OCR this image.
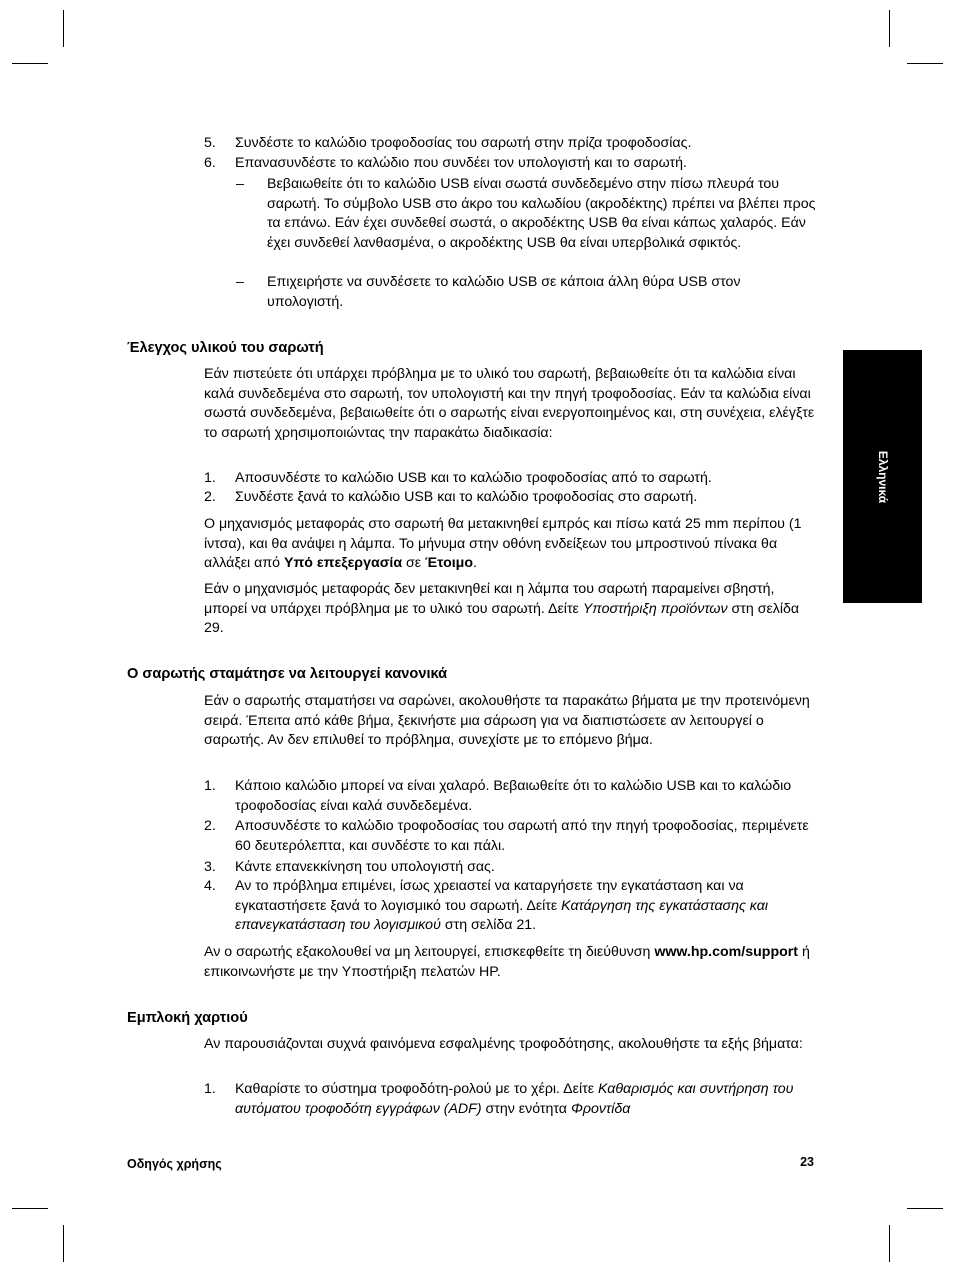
5.	Συνδέστε το καλώδιο τροφοδοσίας του σαρωτή στην πρίζα τροφοδοσίας.
6.	Επανασυνδέστε το καλώδιο που συνδέει τον υπολογιστή και το σαρωτή.
– Βεβαιωθείτε ότι το καλώδιο USB είναι σωστά συνδεδεμένο στην πίσω πλευρά του σαρωτή. Το σύμβολο USB στο άκρο του καλωδίου (ακροδέκτης) πρέπει να βλέπει προς τα επάνω. Εάν έχει συνδεθεί σωστά, ο ακροδέκτης USB θα είναι κάπως χαλαρός. Εάν έχει συνδεθεί λανθασμένα, ο ακροδέκτης USB θα είναι υπερβολικά σφικτός.
– Επιχειρήστε να συνδέσετε το καλώδιο USB σε κάποια άλλη θύρα USB στον υπολογιστή.
Έλεγχος υλικού του σαρωτή

Εάν πιστεύετε ότι υπάρχει πρόβλημα με το υλικό του σαρωτή, βεβαιωθείτε ότι τα καλώδια είναι καλά συνδεδεμένα στο σαρωτή, τον υπολογιστή και την πηγή τροφοδοσίας. Εάν τα καλώδια είναι σωστά συνδεδεμένα, βεβαιωθείτε ότι ο σαρωτής είναι ενεργοποιημένος και, στη συνέχεια, ελέγξτε το σαρωτή χρησιμοποιώντας την παρακάτω διαδικασία:

1.	Αποσυνδέστε το καλώδιο USB και το καλώδιο τροφοδοσίας από το σαρωτή.
2.	Συνδέστε ξανά το καλώδιο USB και το καλώδιο τροφοδοσίας στο σαρωτή.

Ο μηχανισμός μεταφοράς στο σαρωτή θα μετακινηθεί εμπρός και πίσω κατά 25 mm περίπου (1 ίντσα), και θα ανάψει η λάμπα. Το μήνυμα στην οθόνη ενδείξεων του μπροστινού πίνακα θα αλλάξει από Υπό επεξεργασία σε Έτοιμο.

Εάν ο μηχανισμός μεταφοράς δεν μετακινηθεί και η λάμπα του σαρωτή παραμείνει σβηστή, μπορεί να υπάρχει πρόβλημα με το υλικό του σαρωτή. Δείτε Υποστήριξη προϊόντων στη σελίδα 29.

Ο σαρωτής σταμάτησε να λειτουργεί κανονικά

Εάν ο σαρωτής σταματήσει να σαρώνει, ακολουθήστε τα παρακάτω βήματα με την προτεινόμενη σειρά. Έπειτα από κάθε βήμα, ξεκινήστε μια σάρωση για να διαπιστώσετε αν λειτουργεί ο σαρωτής. Αν δεν επιλυθεί το πρόβλημα, συνεχίστε με το επόμενο βήμα.

1.	Κάποιο καλώδιο μπορεί να είναι χαλαρό. Βεβαιωθείτε ότι το καλώδιο USB και το καλώδιο τροφοδοσίας είναι καλά συνδεδεμένα.
2.	Αποσυνδέστε το καλώδιο τροφοδοσίας του σαρωτή από την πηγή τροφοδοσίας, περιμένετε 60 δευτερόλεπτα, και συνδέστε το και πάλι.
3.	Κάντε επανεκκίνηση του υπολογιστή σας.
4.	Αν το πρόβλημα επιμένει, ίσως χρειαστεί να καταργήσετε την εγκατάσταση και να εγκαταστήσετε ξανά το λογισμικό του σαρωτή. Δείτε Κατάργηση της εγκατάστασης και επανεγκατάσταση του λογισμικού στη σελίδα 21.

Αν ο σαρωτής εξακολουθεί να μη λειτουργεί, επισκεφθείτε τη διεύθυνση www.hp.com/support ή επικοινωνήστε με την Υποστήριξη πελατών HP.

Εμπλοκή χαρτιού

Αν παρουσιάζονται συχνά φαινόμενα εσφαλμένης τροφοδότησης, ακολουθήστε τα εξής βήματα:

1.	Καθαρίστε το σύστημα τροφοδότη-ρολού με το χέρι. Δείτε Καθαρισμός και συντήρηση του αυτόματου τροφοδότη εγγράφων (ADF) στην ενότητα Φροντίδα
Ελληνικά
Οδηγός χρήσης	23
